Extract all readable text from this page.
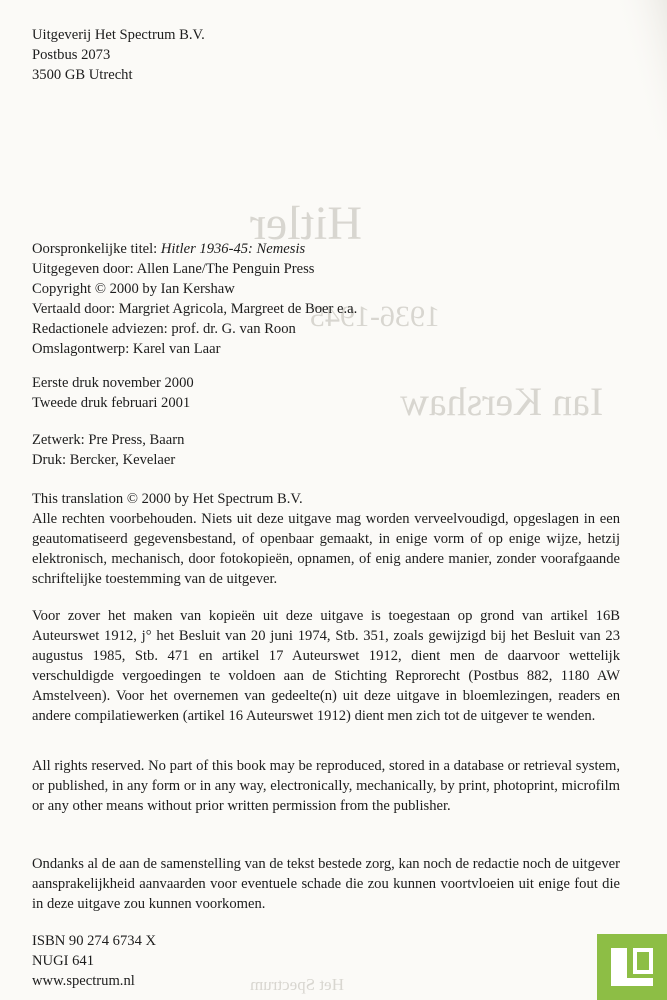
Hitler
1936-1945
Ian Kershaw
Het Spectrum
Uitgeverij Het Spectrum B.V.
Postbus 2073
3500 GB Utrecht
Oorspronkelijke titel: Hitler 1936-45: Nemesis
Uitgegeven door: Allen Lane/The Penguin Press
Copyright © 2000 by Ian Kershaw
Vertaald door: Margriet Agricola, Margreet de Boer e.a.
Redactionele adviezen: prof. dr. G. van Roon
Omslagontwerp: Karel van Laar
Eerste druk november 2000
Tweede druk februari 2001
Zetwerk: Pre Press, Baarn
Druk: Bercker, Kevelaer
This translation © 2000 by Het Spectrum B.V.

Alle rechten voorbehouden. Niets uit deze uitgave mag worden verveelvoudigd, opgeslagen in een geautomatiseerd gegevensbestand, of openbaar gemaakt, in enige vorm of op enige wijze, hetzij elektronisch, mechanisch, door fotokopieën, opnamen, of enig andere manier, zonder voorafgaande schriftelijke toestemming van de uitgever.

Voor zover het maken van kopieën uit deze uitgave is toegestaan op grond van artikel 16B Auteurswet 1912, j° het Besluit van 20 juni 1974, Stb. 351, zoals gewijzigd bij het Besluit van 23 augustus 1985, Stb. 471 en artikel 17 Auteurswet 1912, dient men de daarvoor wettelijk verschuldigde vergoedingen te voldoen aan de Stichting Reprorecht (Postbus 882, 1180 AW Amstelveen). Voor het overnemen van gedeelte(n) uit deze uitgave in bloemlezingen, readers en andere compilatiewerken (artikel 16 Auteurswet 1912) dient men zich tot de uitgever te wenden.

All rights reserved. No part of this book may be reproduced, stored in a database or retrieval system, or published, in any form or in any way, electronically, mechanically, by print, photoprint, microfilm or any other means without prior written permission from the publisher.

Ondanks al de aan de samenstelling van de tekst bestede zorg, kan noch de redactie noch de uitgever aansprakelijkheid aanvaarden voor eventuele schade die zou kunnen voortvloeien uit enige fout die in deze uitgave zou kunnen voorkomen.

ISBN 90 274 6734 X
NUGI 641
www.spectrum.nl
